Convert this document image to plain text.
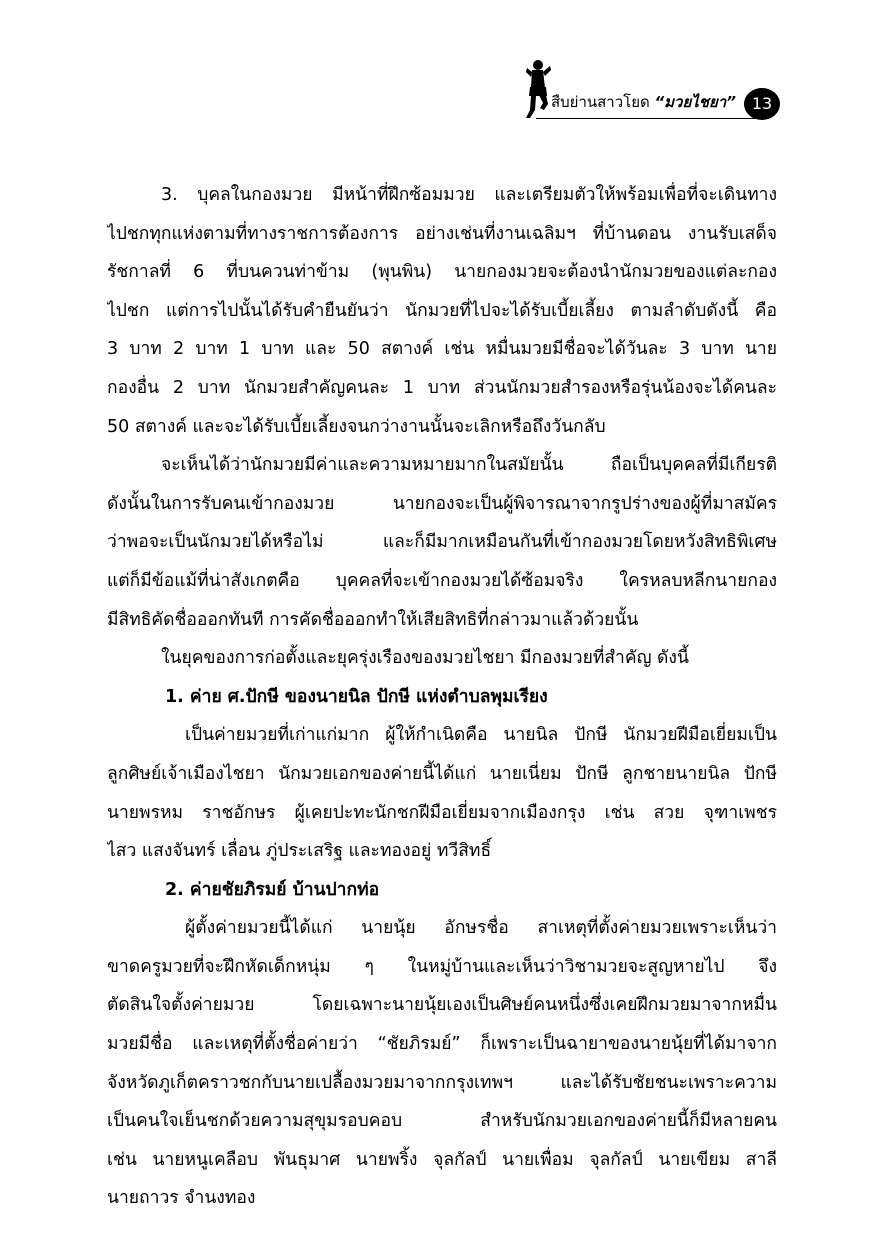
สืบย่านสาวโยด “มวยไชยา” 13
3. บุคลในกองมวย มีหน้าที่ฝึกซ้อมมวย และเตรียมตัวให้พร้อมเพื่อที่จะเดินทาง
ไปชกทุกแห่งตามที่ทางราชการต้องการ อย่างเช่นที่งานเฉลิมฯ ที่บ้านดอน งานรับเสด็จ
รัชกาลที่ 6 ที่บนควนท่าข้าม (พุนพิน) นายกองมวยจะต้องนำนักมวยของแต่ละกอง
ไปชก แต่การไปนั้นได้รับคำยืนยันว่า นักมวยที่ไปจะได้รับเบี้ยเลี้ยง ตามลำดับดังนี้ คือ
3 บาท 2 บาท 1 บาท และ 50 สตางค์ เช่น หมื่นมวยมีชื่อจะได้วันละ 3 บาท นาย
กองอื่น 2 บาท นักมวยสำคัญคนละ 1 บาท ส่วนนักมวยสำรองหรือรุ่นน้องจะได้คนละ
50 สตางค์ และจะได้รับเบี้ยเลี้ยงจนกว่างานนั้นจะเลิกหรือถึงวันกลับ
จะเห็นได้ว่านักมวยมีค่าและความหมายมากในสมัยนั้น ถือเป็นบุคคลที่มีเกียรติ
ดังนั้นในการรับคนเข้ากองมวย นายกองจะเป็นผู้พิจารณาจากรูปร่างของผู้ที่มาสมัคร
ว่าพอจะเป็นนักมวยได้หรือไม่ และก็มีมากเหมือนกันที่เข้ากองมวยโดยหวังสิทธิพิเศษ
แต่ก็มีข้อแม้ที่น่าสังเกตคือ บุคคลที่จะเข้ากองมวยได้ซ้อมจริง ใครหลบหลีกนายกอง
มีสิทธิคัดชื่อออกทันที การคัดชื่อออกทำให้เสียสิทธิที่กล่าวมาแล้วด้วยนั้น
ในยุคของการก่อตั้งและยุครุ่งเรืองของมวยไชยา มีกองมวยที่สำคัญ ดังนี้
1. ค่าย ศ.ปักษี ของนายนิล ปักษี แห่งตำบลพุมเรียง
เป็นค่ายมวยที่เก่าแก่มาก ผู้ให้กำเนิดคือ นายนิล ปักษี นักมวยฝีมือเยี่ยมเป็น
ลูกศิษย์เจ้าเมืองไชยา นักมวยเอกของค่ายนี้ได้แก่ นายเนี่ยม ปักษี ลูกชายนายนิล ปักษี
นายพรหม ราชอักษร ผู้เคยปะทะนักชกฝีมือเยี่ยมจากเมืองกรุง เช่น สวย จุฑาเพชร
ไสว แสงจันทร์ เลื่อน ภู่ประเสริฐ และทองอยู่ ทวีสิทธิ์
2. ค่ายชัยภิรมย์ บ้านปากท่อ
ผู้ตั้งค่ายมวยนี้ได้แก่ นายนุ้ย อักษรชื่อ สาเหตุที่ตั้งค่ายมวยเพราะเห็นว่า
ขาดครูมวยที่จะฝึกหัดเด็กหนุ่ม ๆ ในหมู่บ้านและเห็นว่าวิชามวยจะสูญหายไป จึง
ตัดสินใจตั้งค่ายมวย โดยเฉพาะนายนุ้ยเองเป็นศิษย์คนหนึ่งซึ่งเคยฝึกมวยมาจากหมื่น
มวยมีชื่อ และเหตุที่ตั้งชื่อค่ายว่า “ชัยภิรมย์” ก็เพราะเป็นฉายาของนายนุ้ยที่ได้มาจาก
จังหวัดภูเก็ตคราวชกกับนายเปลื้องมวยมาจากกรุงเทพฯ และได้รับชัยชนะเพราะความ
เป็นคนใจเย็นชกด้วยความสุขุมรอบคอบ สำหรับนักมวยเอกของค่ายนี้ก็มีหลายคน
เช่น นายหนูเคลือบ พันธุมาศ นายพริ้ง จุลกัลป์ นายเพื่อม จุลกัลป์ นายเขียม สาลี
นายถาวร จำนงทอง
